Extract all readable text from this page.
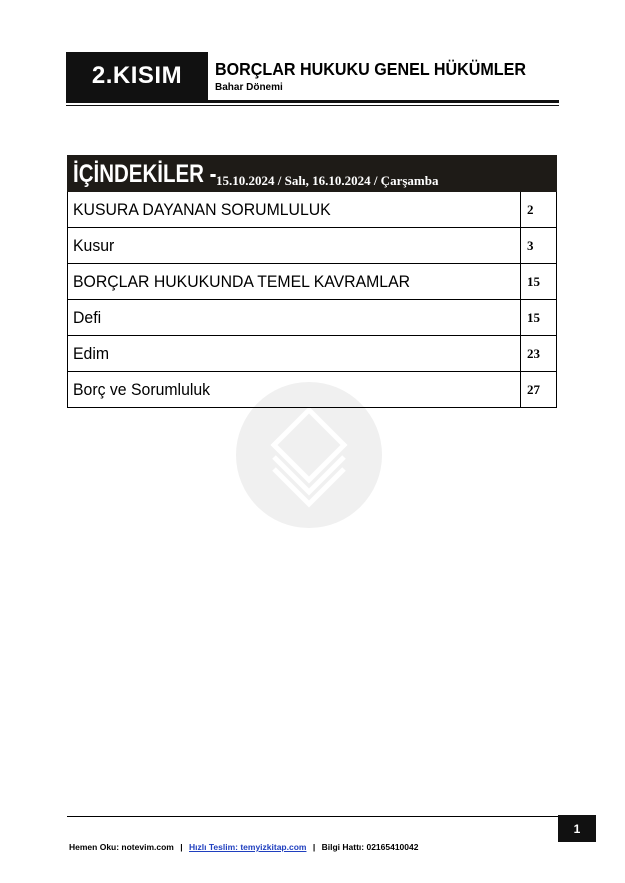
2.KISIM	BORÇLAR HUKUKU GENEL HÜKÜMLER
Bahar Dönemi
İÇİNDEKİLER - 15.10.2024 / Salı, 16.10.2024 / Çarşamba
KUSURA DAYANAN SORUMLULUK	2
Kusur	3
BORÇLAR HUKUKUNDA TEMEL KAVRAMLAR	15
Defi	15
Edim	23
Borç ve Sorumluluk	27
1
Hemen Oku: notevim.com | Hızlı Teslim: temyizkitap.com | Bilgi Hattı: 02165410042
